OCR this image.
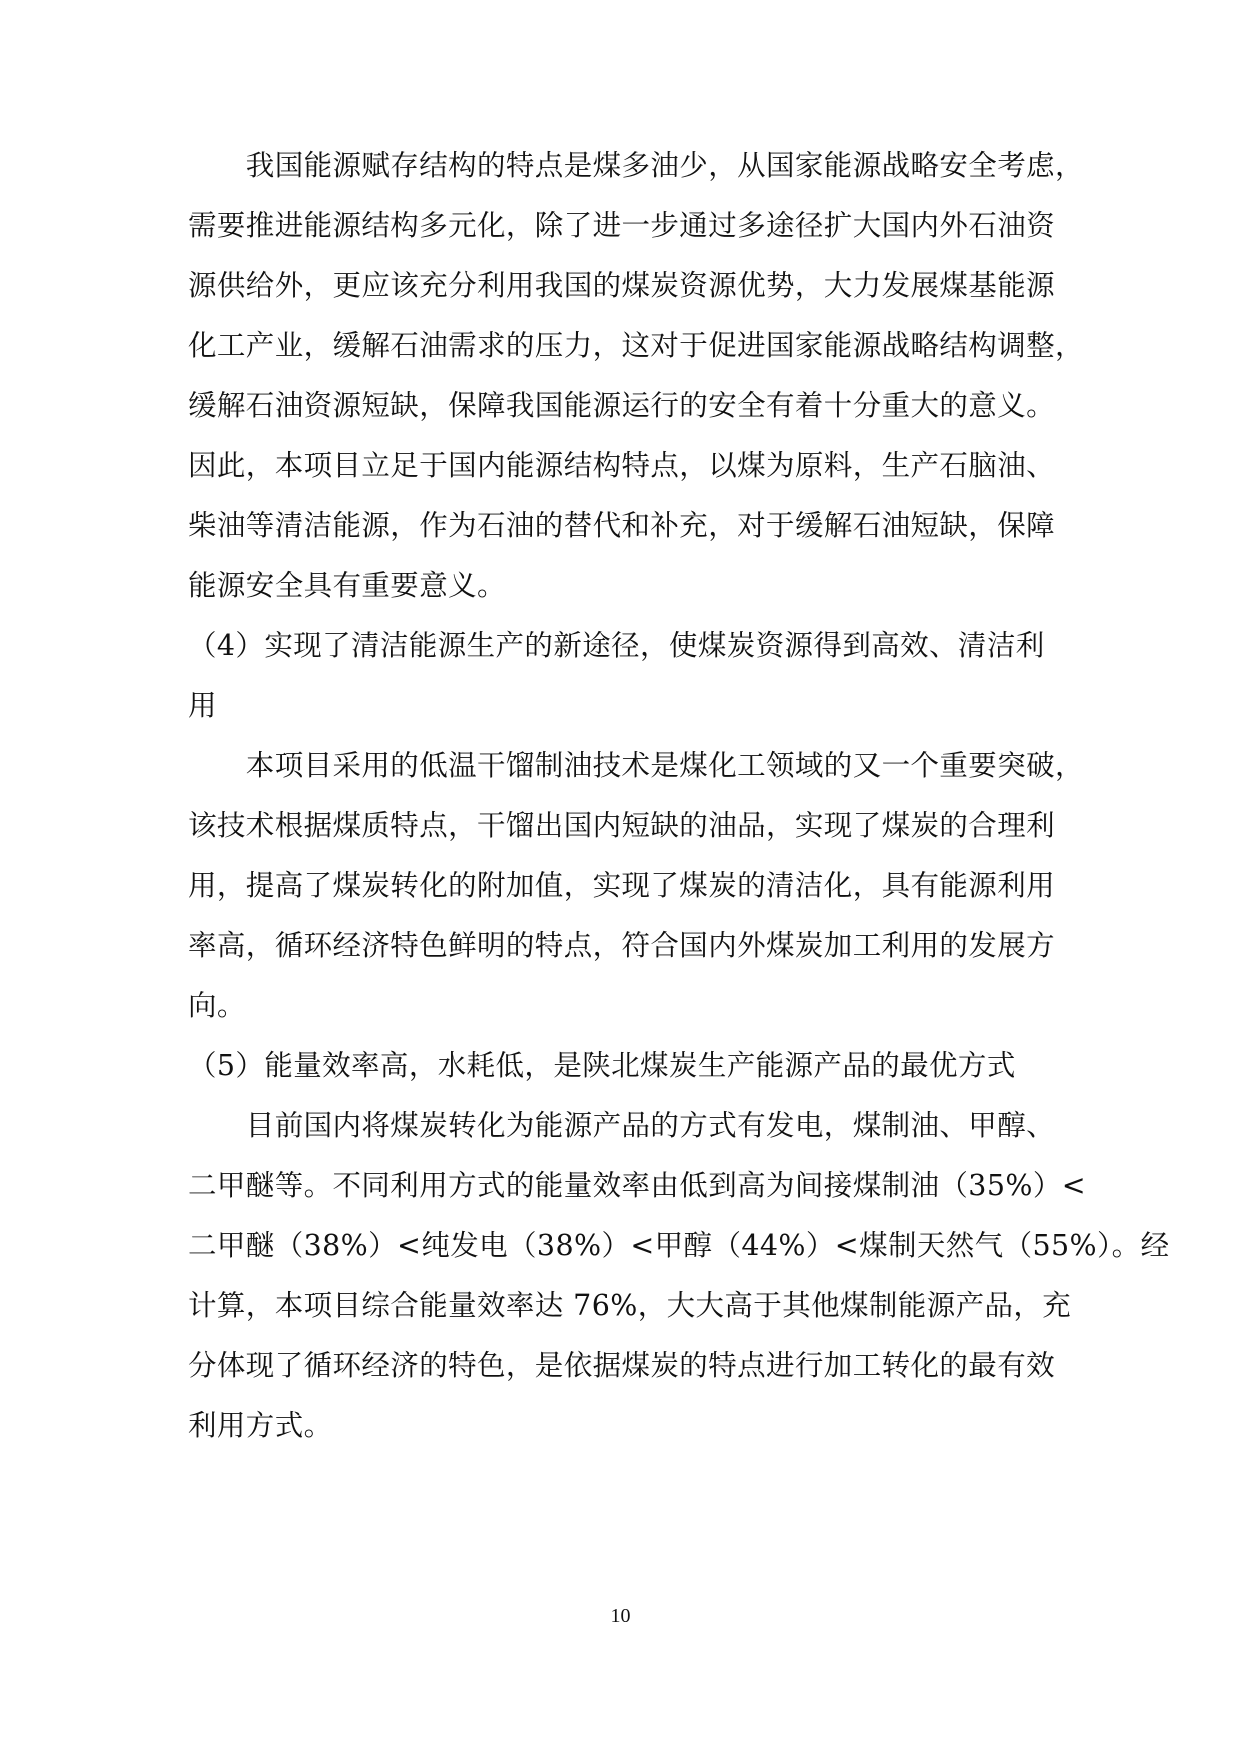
　　我国能源赋存结构的特点是煤多油少，从国家能源战略安全考虑，
需要推进能源结构多元化，除了进一步通过多途径扩大国内外石油资
源供给外，更应该充分利用我国的煤炭资源优势，大力发展煤基能源
化工产业，缓解石油需求的压力，这对于促进国家能源战略结构调整，
缓解石油资源短缺，保障我国能源运行的安全有着十分重大的意义。
因此，本项目立足于国内能源结构特点，以煤为原料，生产石脑油、
柴油等清洁能源，作为石油的替代和补充，对于缓解石油短缺，保障
能源安全具有重要意义。
（4）实现了清洁能源生产的新途径，使煤炭资源得到高效、清洁利
用
　　本项目采用的低温干馏制油技术是煤化工领域的又一个重要突破，
该技术根据煤质特点，干馏出国内短缺的油品，实现了煤炭的合理利
用，提高了煤炭转化的附加值，实现了煤炭的清洁化，具有能源利用
率高，循环经济特色鲜明的特点，符合国内外煤炭加工利用的发展方
向。
（5）能量效率高，水耗低，是陕北煤炭生产能源产品的最优方式
　　目前国内将煤炭转化为能源产品的方式有发电，煤制油、甲醇、
二甲醚等。不同利用方式的能量效率由低到高为间接煤制油（35%）<
二甲醚（38%）<纯发电（38%）<甲醇（44%）<煤制天然气（55%）。经
计算，本项目综合能量效率达 76%，大大高于其他煤制能源产品，充
分体现了循环经济的特色，是依据煤炭的特点进行加工转化的最有效
利用方式。
10
